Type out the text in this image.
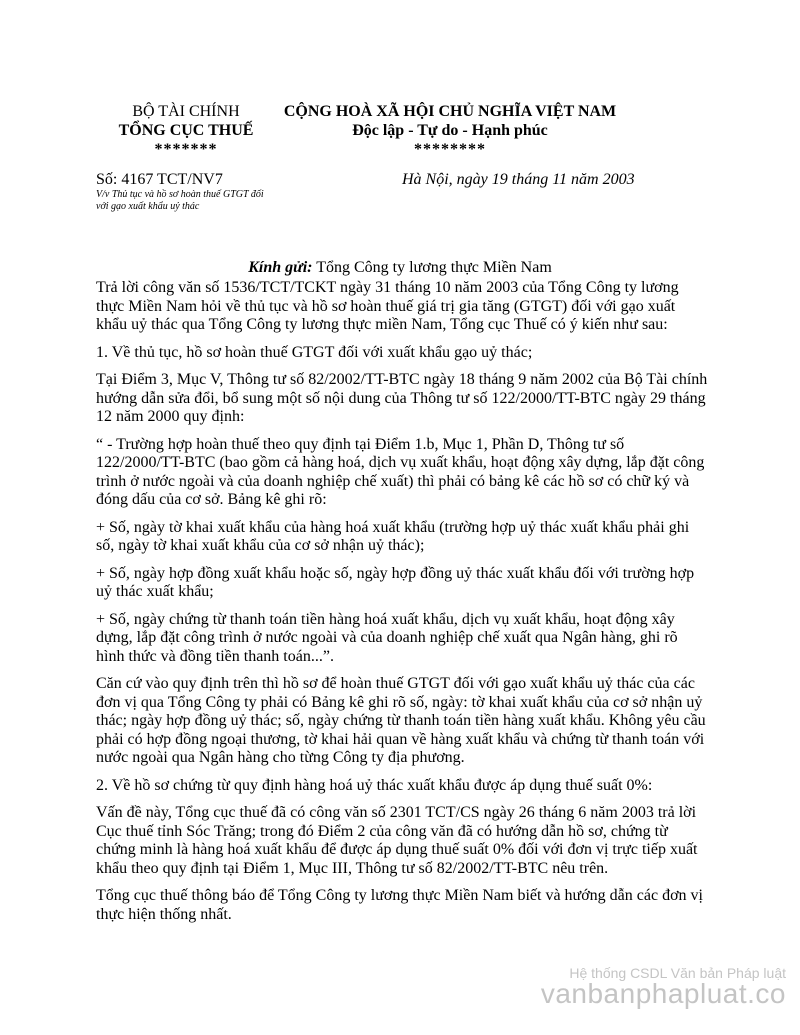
BỘ TÀI CHÍNH
TỔNG CỤC THUẾ
*******
CỘNG HOÀ XÃ HỘI CHỦ NGHĨA VIỆT NAM
Độc lập - Tự do - Hạnh phúc
********
Số: 4167 TCT/NV7
V/v Thủ tục và hồ sơ hoàn thuế GTGT đối với gạo xuất khẩu uỷ thác
Hà Nội, ngày 19 tháng 11 năm 2003
Kính gửi: Tổng Công ty lương thực Miền Nam

Trả lời công văn số 1536/TCT/TCKT ngày 31 tháng 10 năm 2003 của Tổng Công ty lương thực Miền Nam hỏi về thủ tục và hồ sơ hoàn thuế giá trị gia tăng (GTGT) đối với gạo xuất khẩu uỷ thác qua Tổng Công ty lương thực miền Nam, Tổng cục Thuế có ý kiến như sau:

1. Về thủ tục, hồ sơ hoàn thuế GTGT đối với xuất khẩu gạo uỷ thác;

Tại Điểm 3, Mục V, Thông tư số 82/2002/TT-BTC ngày 18 tháng 9 năm 2002 của Bộ Tài chính hướng dẫn sửa đổi, bổ sung một số nội dung của Thông tư số 122/2000/TT-BTC ngày 29 tháng 12 năm 2000 quy định:

“ - Trường hợp hoàn thuế theo quy định tại Điểm 1.b, Mục 1, Phần D, Thông tư số 122/2000/TT-BTC (bao gồm cả hàng hoá, dịch vụ xuất khẩu, hoạt động xây dựng, lắp đặt công trình ở nước ngoài và của doanh nghiệp chế xuất) thì phải có bảng kê các hồ sơ có chữ ký và đóng dấu của cơ sở. Bảng kê ghi rõ:

+ Số, ngày tờ khai xuất khẩu của hàng hoá xuất khẩu (trường hợp uỷ thác xuất khẩu phải ghi số, ngày tờ khai xuất khẩu của cơ sở nhận uỷ thác);

+ Số, ngày hợp đồng xuất khẩu hoặc số, ngày hợp đồng uỷ thác xuất khẩu đối với trường hợp uỷ thác xuất khẩu;

+ Số, ngày chứng từ thanh toán tiền hàng hoá xuất khẩu, dịch vụ xuất khẩu, hoạt động xây dựng, lắp đặt công trình ở nước ngoài và của doanh nghiệp chế xuất qua Ngân hàng, ghi rõ hình thức và đồng tiền thanh toán...”.

Căn cứ vào quy định trên thì hồ sơ để hoàn thuế GTGT đối với gạo xuất khẩu uỷ thác của các đơn vị qua Tổng Công ty phải có Bảng kê ghi rõ số, ngày: tờ khai xuất khẩu của cơ sở nhận uỷ thác; ngày hợp đồng uỷ thác; số, ngày chứng từ thanh toán tiền hàng xuất khẩu. Không yêu cầu phải có hợp đồng ngoại thương, tờ khai hải quan về hàng xuất khẩu và chứng từ thanh toán với nước ngoài qua Ngân hàng cho từng Công ty địa phương.

2. Về hồ sơ chứng từ quy định hàng hoá uỷ thác xuất khẩu được áp dụng thuế suất 0%:

Vấn đề này, Tổng cục thuế đã có công văn số 2301 TCT/CS ngày 26 tháng 6 năm 2003 trả lời Cục thuế tỉnh Sóc Trăng; trong đó Điểm 2 của công văn đã có hướng dẫn hồ sơ, chứng từ chứng minh là hàng hoá xuất khẩu để được áp dụng thuế suất 0% đối với đơn vị trực tiếp xuất khẩu theo quy định tại Điểm 1, Mục III, Thông tư số 82/2002/TT-BTC nêu trên.

Tổng cục thuế thông báo để Tổng Công ty lương thực Miền Nam biết và hướng dẫn các đơn vị thực hiện thống nhất.

Hệ thống CSDL Văn bản Pháp luật
vanbanphapluat.co
